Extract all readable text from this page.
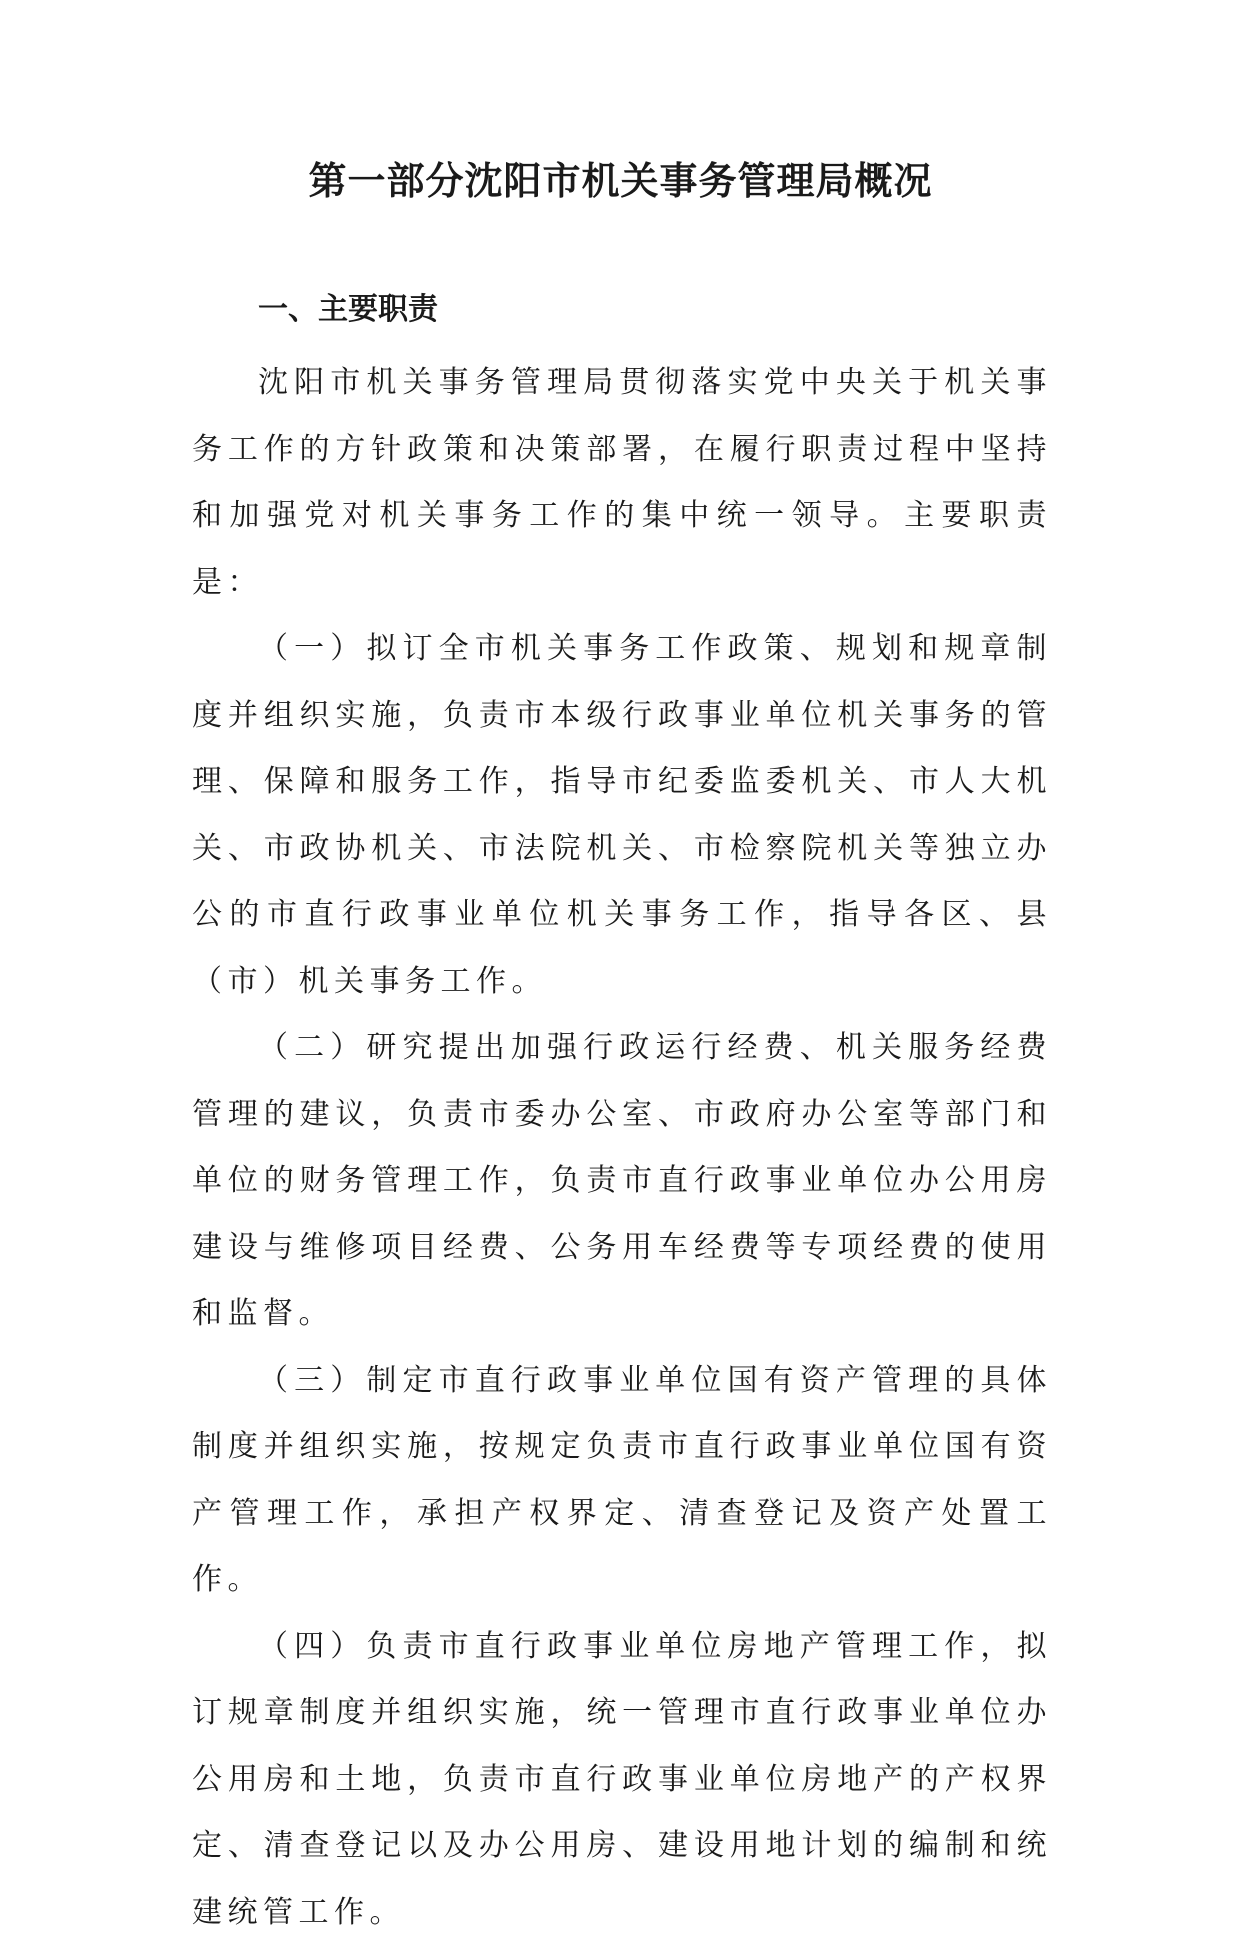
第一部分沈阳市机关事务管理局概况
一、主要职责

沈阳市机关事务管理局贯彻落实党中央关于机关事务工作的方针政策和决策部署，在履行职责过程中坚持和加强党对机关事务工作的集中统一领导。主要职责是：

（一）拟订全市机关事务工作政策、规划和规章制度并组织实施，负责市本级行政事业单位机关事务的管理、保障和服务工作，指导市纪委监委机关、市人大机关、市政协机关、市法院机关、市检察院机关等独立办公的市直行政事业单位机关事务工作，指导各区、县（市）机关事务工作。

（二）研究提出加强行政运行经费、机关服务经费管理的建议，负责市委办公室、市政府办公室等部门和单位的财务管理工作，负责市直行政事业单位办公用房建设与维修项目经费、公务用车经费等专项经费的使用和监督。

（三）制定市直行政事业单位国有资产管理的具体制度并组织实施，按规定负责市直行政事业单位国有资产管理工作，承担产权界定、清查登记及资产处置工作。

（四）负责市直行政事业单位房地产管理工作，拟订规章制度并组织实施，统一管理市直行政事业单位办公用房和土地，负责市直行政事业单位房地产的产权界定、清查登记以及办公用房、建设用地计划的编制和统建统管工作。
